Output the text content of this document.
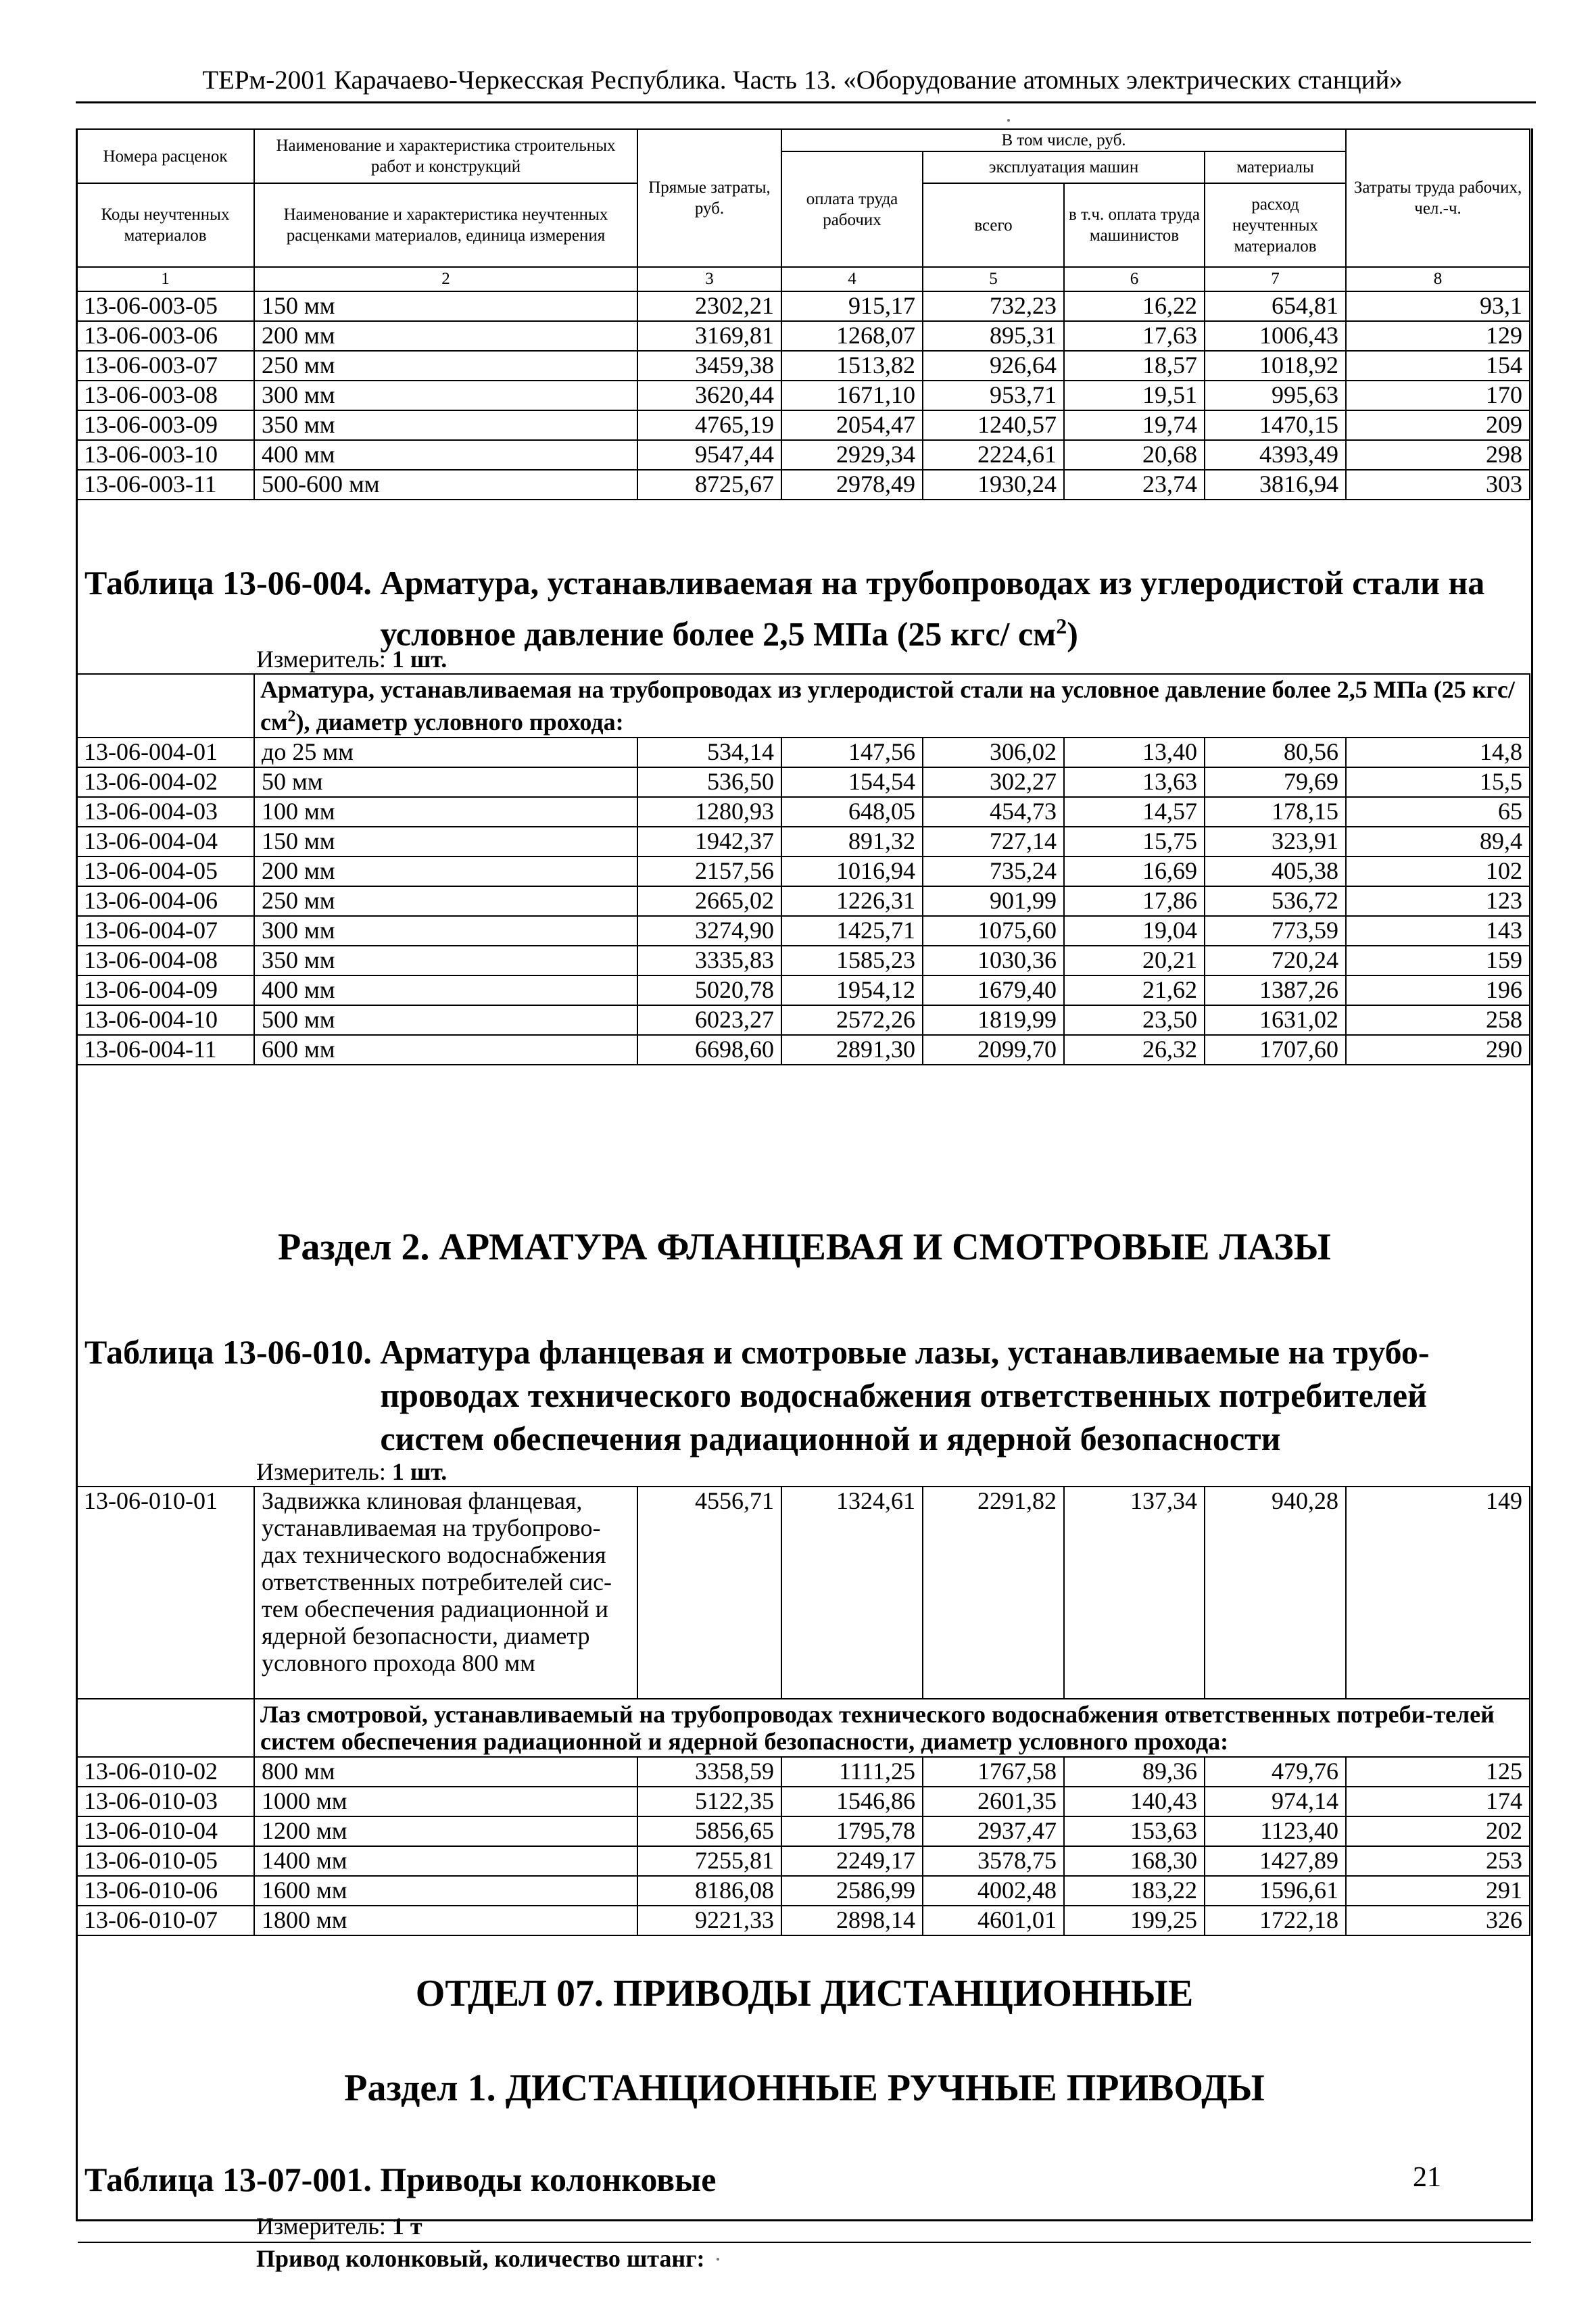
ТЕРм-2001 Карачаево-Черкесская Республика. Часть 13. «Оборудование атомных электрических станций»
Номера расценок	Наименование и характеристика строительных работ и конструкций	Прямые затраты, руб.	В том числе, руб.				Затраты труда рабочих, чел.-ч.
			оплата труда рабочих	эксплуатация машин		материалы	
Коды неучтенных материалов	Наименование и характеристика неучтенных расценками материалов, единица измерения			всего	в т.ч. оплата труда машинистов	расход неучтенных материалов	

1	2	3	4	5	6	7	8
13-06-003-05	150 мм	2302,21	915,17	732,23	16,22	654,81	93,1
13-06-003-06	200 мм	3169,81	1268,07	895,31	17,63	1006,43	129
13-06-003-07	250 мм	3459,38	1513,82	926,64	18,57	1018,92	154
13-06-003-08	300 мм	3620,44	1671,10	953,71	19,51	995,63	170
13-06-003-09	350 мм	4765,19	2054,47	1240,57	19,74	1470,15	209
13-06-003-10	400 мм	9547,44	2929,34	2224,61	20,68	4393,49	298
13-06-003-11	500-600 мм	8725,67	2978,49	1930,24	23,74	3816,94	303
Таблица 13-06-004. Арматура, устанавливаемая на трубопроводах из углеродистой стали на
условное давление более 2,5 МПа (25 кгс/ $см^2$)
Измеритель: 1 шт.
	Арматура, устанавливаемая на трубопроводах из углеродистой стали на условное давление более 2,5 МПа (25 кгс/ $см^2$), диаметр условного прохода:						
13-06-004-01	до 25 мм	534,14	147,56	306,02	13,40	80,56	14,8
13-06-004-02	50 мм	536,50	154,54	302,27	13,63	79,69	15,5
13-06-004-03	100 мм	1280,93	648,05	454,73	14,57	178,15	65
13-06-004-04	150 мм	1942,37	891,32	727,14	15,75	323,91	89,4
13-06-004-05	200 мм	2157,56	1016,94	735,24	16,69	405,38	102
13-06-004-06	250 мм	2665,02	1226,31	901,99	17,86	536,72	123
13-06-004-07	300 мм	3274,90	1425,71	1075,60	19,04	773,59	143
13-06-004-08	350 мм	3335,83	1585,23	1030,36	20,21	720,24	159
13-06-004-09	400 мм	5020,78	1954,12	1679,40	21,62	1387,26	196
13-06-004-10	500 мм	6023,27	2572,26	1819,99	23,50	1631,02	258
13-06-004-11	600 мм	6698,60	2891,30	2099,70	26,32	1707,60	290
Раздел 2. АРМАТУРА ФЛАНЦЕВАЯ И СМОТРОВЫЕ ЛАЗЫ
Таблица 13-06-010. Арматура фланцевая и смотровые лазы, устанавливаемые на трубо-
проводах технического водоснабжения ответственных потребителей
систем обеспечения радиационной и ядерной безопасности
Измеритель: 1 шт.
13-06-010-01	Задвижка клиновая фланцевая, устанавливаемая на трубопрово-дах технического водоснабжения ответственных потребителей сис-тем обеспечения радиационной и ядерной безопасности, диаметр условного прохода 800 мм	4556,71	1324,61	2291,82	137,34	940,28	149
	Лаз смотровой, устанавливаемый на трубопроводах технического водоснабжения ответственных потреби-телей систем обеспечения радиационной и ядерной безопасности, диаметр условного прохода:						
13-06-010-02	800 мм	3358,59	1111,25	1767,58	89,36	479,76	125
13-06-010-03	1000 мм	5122,35	1546,86	2601,35	140,43	974,14	174
13-06-010-04	1200 мм	5856,65	1795,78	2937,47	153,63	1123,40	202
13-06-010-05	1400 мм	7255,81	2249,17	3578,75	168,30	1427,89	253
13-06-010-06	1600 мм	8186,08	2586,99	4002,48	183,22	1596,61	291
13-06-010-07	1800 мм	9221,33	2898,14	4601,01	199,25	1722,18	326
ОТДЕЛ 07. ПРИВОДЫ ДИСТАНЦИОННЫЕ
Раздел 1. ДИСТАНЦИОННЫЕ РУЧНЫЕ ПРИВОДЫ
Таблица 13-07-001. Приводы колонковые
Измеритель: 1 т
Привод колонковый, количество штанг:
21
